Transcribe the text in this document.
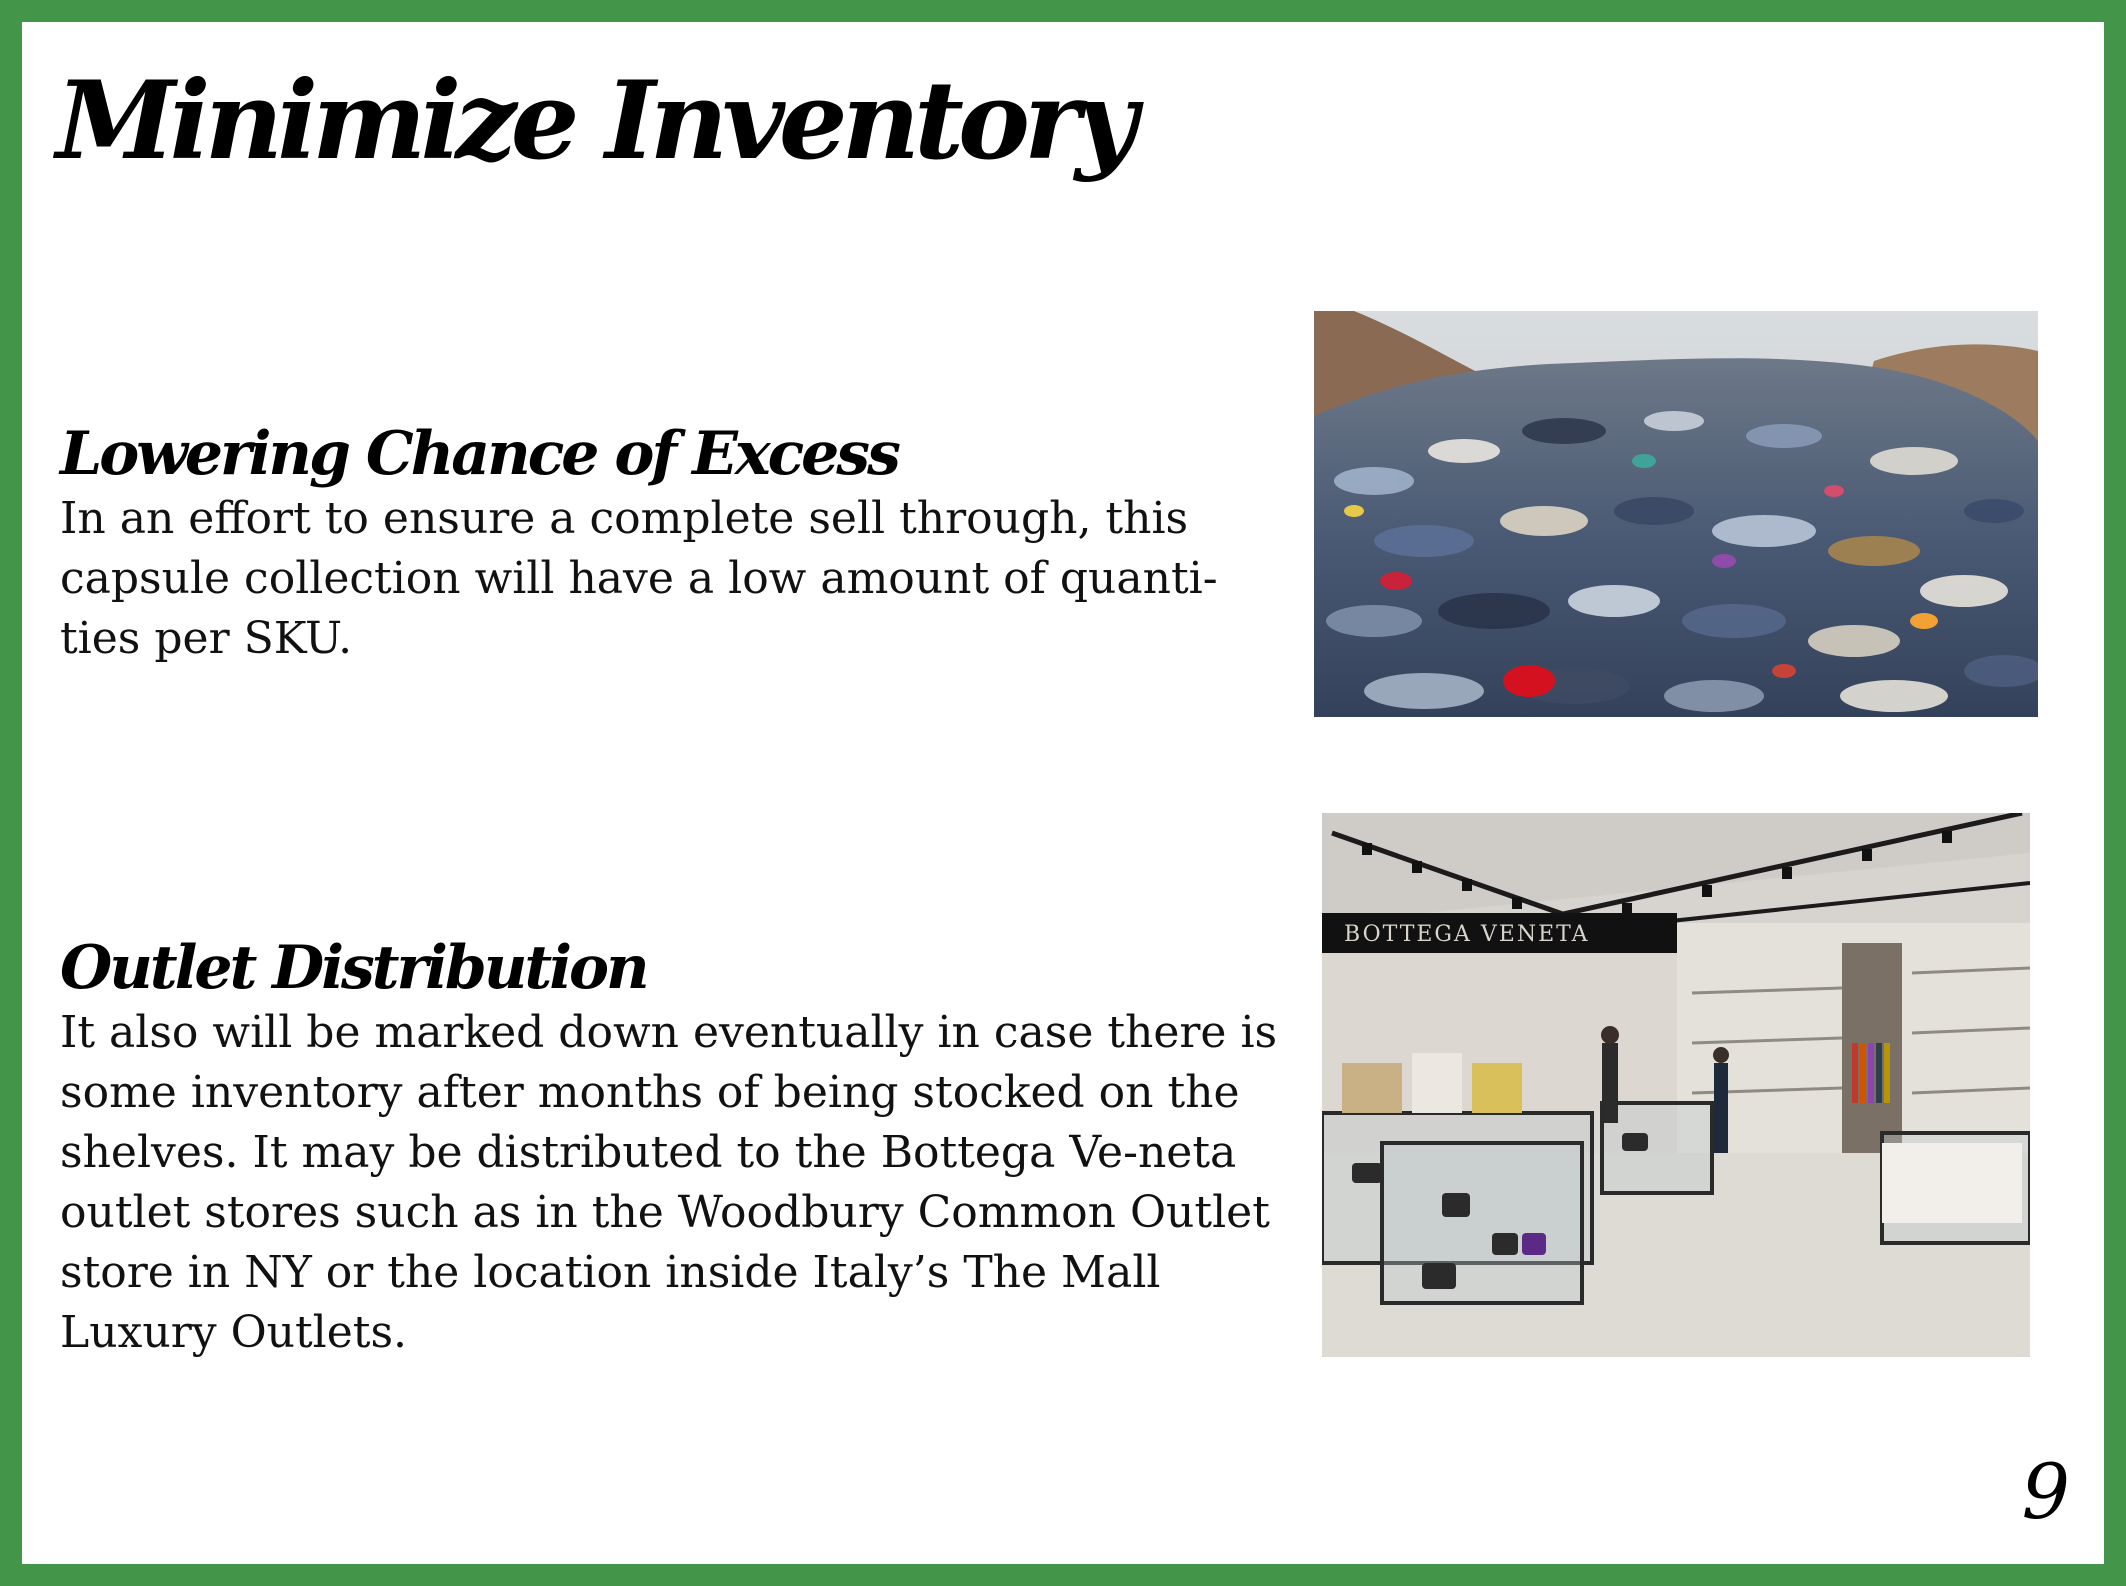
Minimize Inventory
Lowering Chance of Excess

In an effort to ensure a complete sell through, this capsule collection will have a low amount of quanti-ties per SKU.

Outlet Distribution

It also will be marked down eventually in case there is some inventory after months of being stocked on the shelves. It may be distributed to the Bottega Ve-neta outlet stores such as in the Woodbury Common Outlet store in NY or the location inside Italy’s The Mall Luxury Outlets.

BOTTEGA VENETA
9
